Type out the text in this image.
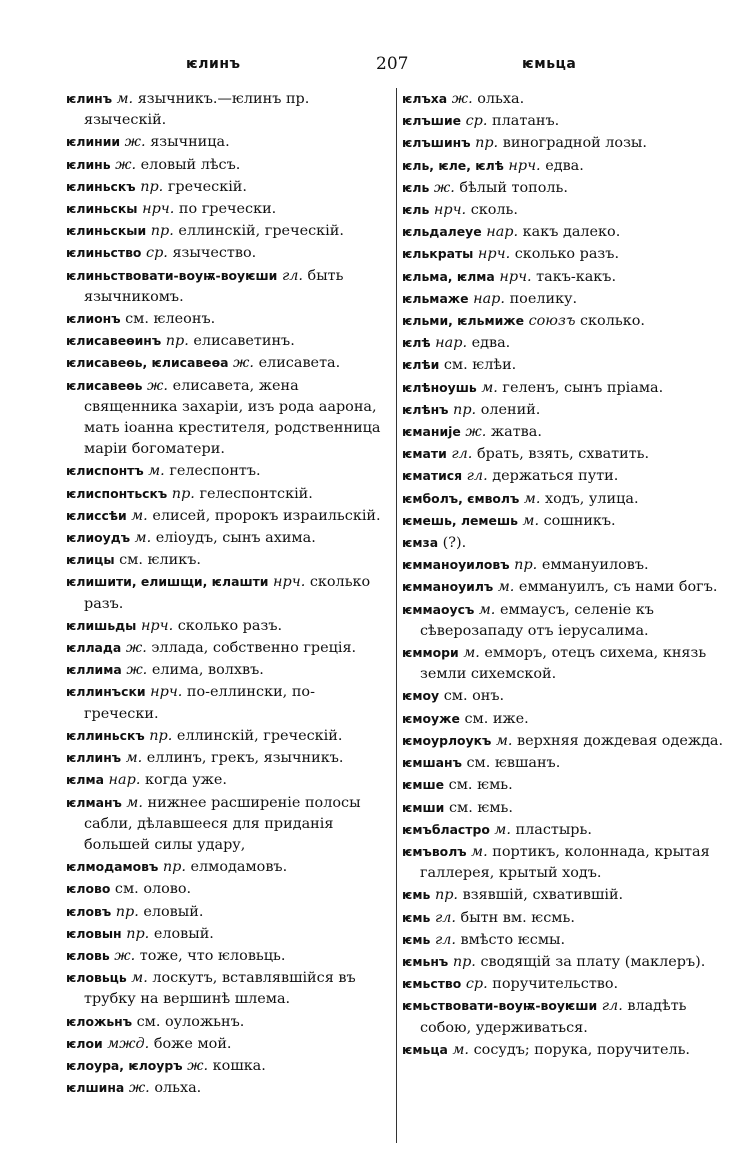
ѥлинъ	207	ѥмьца

ѥлинъ м. язычникъ.—ѥлинъ пр. языческій.

ѥлинии ж. язычница.

ѥлинь ж. еловый лѣсъ.

ѥлиньскъ пр. греческій.

ѥлиньскы нрч. по гречески.

ѥлиньскыи пр. еллинскій, греческій.

ѥлиньство ср. язычество.

ѥлиньствовати-воуѭ-воуѥши гл. быть язычникомъ.

ѥлионъ см. ѥлеонъ.

ѥлисавеѳинъ пр. елисаветинъ.

ѥлисавеѳь, ѥлисавеѳа ж. елисавета.

ѥлисавеѳь ж. елисавета, жена священника захаріи, изъ рода аарона, мать іоанна крестителя, родственница маріи богоматери.

ѥлиспонтъ м. гелеспонтъ.

ѥлиспонтьскъ пр. гелеспонтскій.

ѥлиссѣи м. елисей, пророкъ израильскій.

ѥлиоудъ м. еліоудъ, сынъ ахима.

ѥлицы см. ѥликъ.

ѥлишити, елишщи, ѥлашти нрч. сколько разъ.

ѥлишьды нрч. сколько разъ.

ѥллада ж. эллада, собственно греція.

ѥллима ж. елима, волхвъ.

ѥллинъски нрч. по-еллински, по-гречески.

ѥллиньскъ пр. еллинскій, греческій.

ѥллинъ м. еллинъ, грекъ, язычникъ.

ѥлма нар. когда уже.

ѥлманъ м. нижнее расширеніе полосы сабли, дѣлавшееся для приданія большей силы удару,

ѥлмодамовъ пр. елмодамовъ.

ѥлово см. олово.

ѥловъ пр. еловый.

ѥловын пр. еловый.

ѥловь ж. тоже, что ѥловьць.

ѥловьць м. лоскутъ, вставлявшійся въ трубку на вершинѣ шлема.

ѥложьнъ см. оуложьнъ.

ѥлои мжд. боже мой.

ѥлоура, ѥлоуръ ж. кошка.

ѥлшина ж. ольха.

ѥлъха ж. ольха.

ѥлъшие ср. платанъ.

ѥлъшинъ пр. виноградной лозы.

ѥль, ѥле, ѥлѣ нрч. едва.

ѥль ж. бѣлый тополь.

ѥль нрч. сколь.

ѥльдалеуе нар. какъ далеко.

ѥлькраты нрч. сколько разъ.

ѥльма, ѥлма нрч. такъ-какъ.

ѥльмаже нар. поелику.

ѥльми, ѥльмиже союзъ сколько.

ѥлѣ нар. едва.

ѥлѣи см. ѥлѣи.

ѥлѣноушь м. геленъ, сынъ пріама.

ѥлѣнъ пр. олений.

ѥманије ж. жатва.

ѥмати гл. брать, взять, схватить.

ѥматися гл. держаться пути.

ѥмболъ, ємволъ м. ходъ, улица.

ѥмешь, лемешь м. сошникъ.

ѥмза (?).

ѥмманоуиловъ пр. еммануиловъ.

ѥмманоуилъ м. еммануилъ, съ нами богъ.

ѥммаоусъ м. еммаусъ, селеніе къ сѣверозападу отъ іерусалима.

ѥммори м. емморъ, отецъ сихема, князь земли сихемской.

ѥмоу см. онъ.

ѥмоуже см. иже.

ѥмоурлоукъ м. верхняя дождевая одежда.

ѥмшанъ см. ѥвшанъ.

ѥмше см. ѥмь.

ѥмши см. ѥмь.

ѥмъбластро м. пластырь.

ѥмъволъ м. портикъ, колоннада, крытая галлерея, крытый ходъ.

ѥмь пр. взявшій, схватившій.

ѥмь гл. бытн вм. ѥсмь.

ѥмь гл. вмѣсто ѥсмы.

ѥмьнъ пр. сводящій за плату (маклеръ).

ѥмьство ср. поручительство.

ѥмьствовати-воуѭ-воуѥши гл. владѣть собою, удерживаться.

ѥмьца м. сосудъ; порука, поручитель.
